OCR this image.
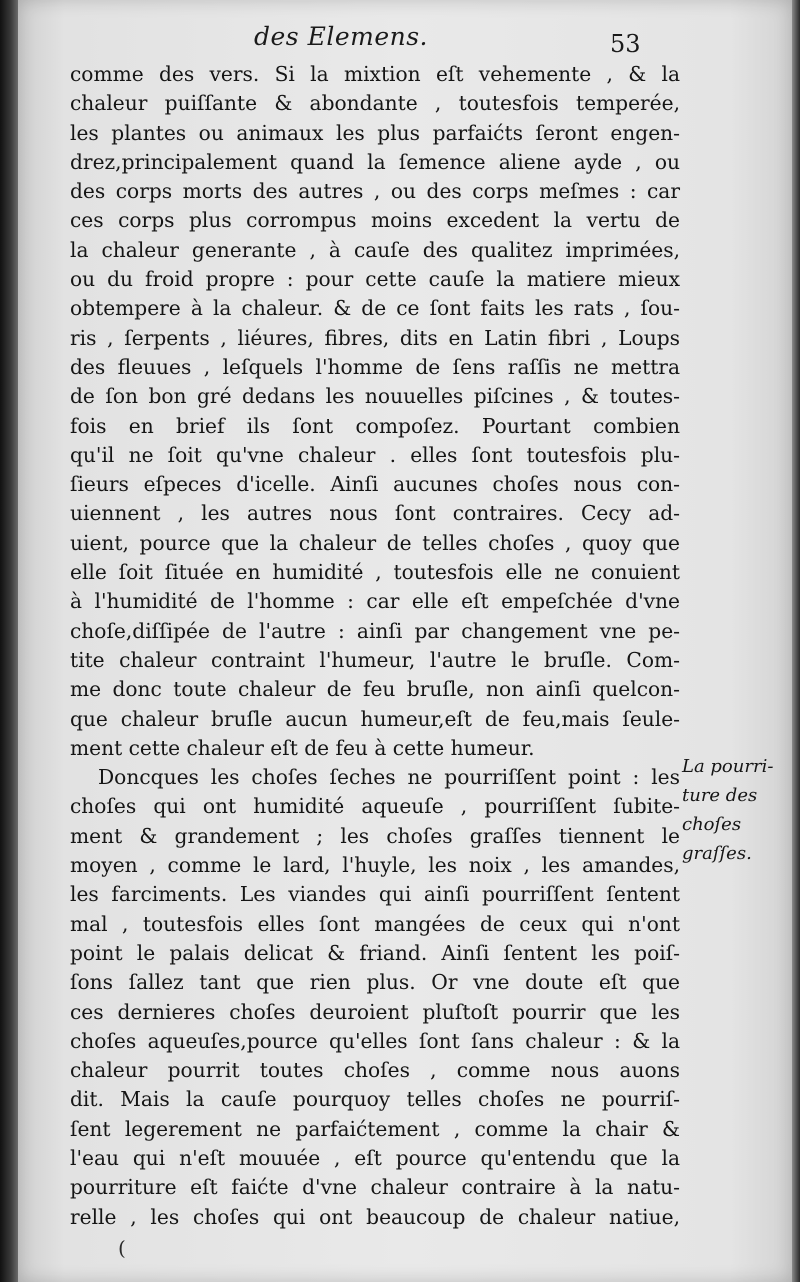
des Elemens.	53
comme des vers. Si la mixtion eſt vehemente , & la
chaleur puiſſante & abondante , toutesfois temperée,
les plantes ou animaux les plus parfaićts ſeront engen-
drez,principalement quand la ſemence aliene ayde , ou
des corps morts des autres , ou des corps meſmes : car
ces corps plus corrompus moins excedent la vertu de
la chaleur generante , à cauſe des qualitez imprimées,
ou du froid propre : pour cette cauſe la matiere mieux
obtempere à la chaleur. & de ce ſont faits les rats , ſou-
ris , ſerpents , liéures, fibres, dits en Latin fibri , Loups
des fleuues , leſquels l'homme de ſens raſſis ne mettra
de ſon bon gré dedans les nouuelles piſcines , & toutes-
fois en brief ils ſont compoſez. Pourtant combien
qu'il ne ſoit qu'vne chaleur . elles ſont toutesfois plu-
ſieurs eſpeces d'icelle. Ainſi aucunes choſes nous con-
uiennent , les autres nous ſont contraires. Cecy ad-
uient, pource que la chaleur de telles choſes , quoy que
elle ſoit ſituée en humidité , toutesfois elle ne conuient
à l'humidité de l'homme : car elle eſt empeſchée d'vne
choſe,diſſipée de l'autre : ainſi par changement vne pe-
tite chaleur contraint l'humeur, l'autre le bruſle. Com-
me donc toute chaleur de feu bruſle, non ainſi quelcon-
que chaleur bruſle aucun humeur,eſt de feu,mais ſeule-
ment cette chaleur eſt de feu à cette humeur.
Doncques les choſes ſeches ne pourriſſent point : les
choſes qui ont humidité aqueuſe , pourriſſent ſubite-
ment & grandement ; les choſes graſſes tiennent le
moyen , comme le lard, l'huyle, les noix , les amandes,
les farciments. Les viandes qui ainſi pourriſſent ſentent
mal , toutesfois elles ſont mangées de ceux qui n'ont
point le palais delicat & friand. Ainſi ſentent les poiſ-
ſons ſallez tant que rien plus. Or vne doute eſt que
ces dernieres choſes deuroient pluſtoſt pourrir que les
choſes aqueuſes,pource qu'elles ſont ſans chaleur : & la
chaleur pourrit toutes choſes , comme nous auons
dit. Mais la cauſe pourquoy telles choſes ne pourriſ-
ſent legerement ne parfaićtement , comme la chair &
l'eau qui n'eſt mouuée , eſt pource qu'entendu que la
pourriture eſt faićte d'vne chaleur contraire à la natu-
relle , les choſes qui ont beaucoup de chaleur natiue,
La pourri-
ture des
choſes
graſſes.
(
